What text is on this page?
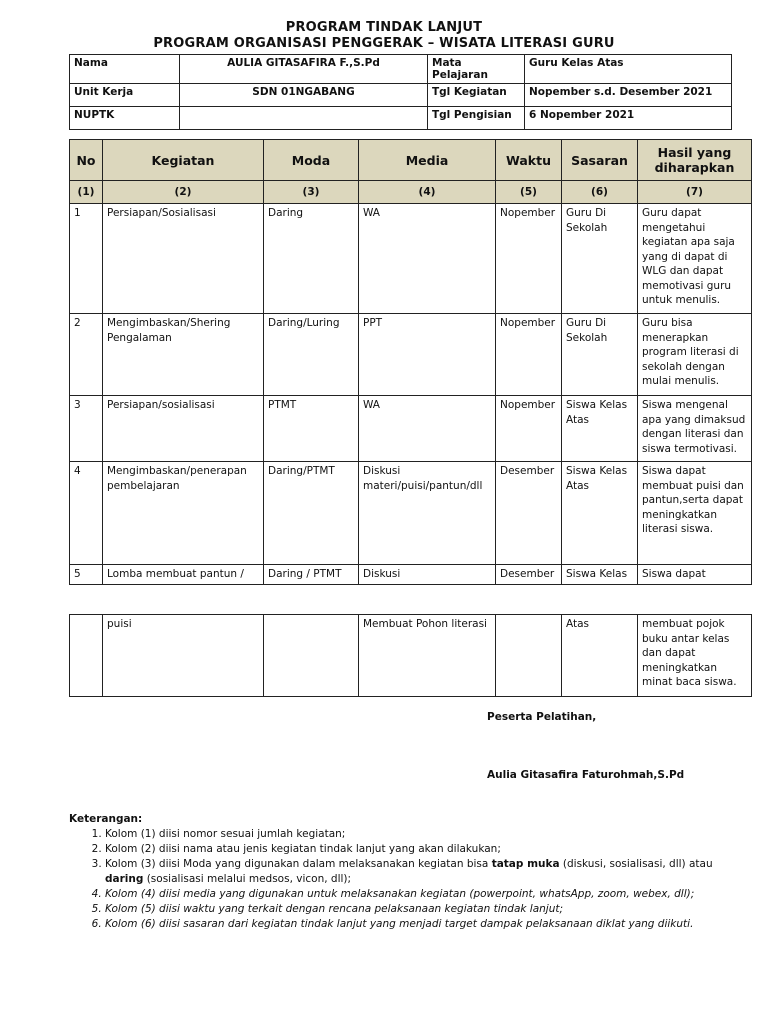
PROGRAM TINDAK LANJUT
PROGRAM ORGANISASI PENGGERAK – WISATA LITERASI GURU
Nama	AULIA GITASAFIRA F.,S.Pd	Mata Pelajaran	Guru Kelas Atas
Unit Kerja	SDN 01NGABANG	Tgl Kegiatan	Nopember s.d. Desember 2021
NUPTK		Tgl Pengisian	6 Nopember 2021
No	Kegiatan	Moda	Media	Waktu	Sasaran	Hasil yang diharapkan
(1)	(2)	(3)	(4)	(5)	(6)	(7)
1	Persiapan/Sosialisasi	Daring	WA	Nopember	Guru Di Sekolah	Guru dapat mengetahui kegiatan apa saja yang di dapat di WLG dan dapat memotivasi guru untuk menulis.
2	Mengimbaskan/Shering Pengalaman	Daring/Luring	PPT	Nopember	Guru Di Sekolah	Guru bisa menerapkan program literasi di sekolah dengan mulai menulis.
3	Persiapan/sosialisasi	PTMT	WA	Nopember	Siswa Kelas Atas	Siswa mengenal apa yang dimaksud dengan literasi dan siswa termotivasi.
4	Mengimbaskan/penerapan pembelajaran	Daring/PTMT	Diskusi materi/puisi/pantun/dll	Desember	Siswa Kelas Atas	Siswa dapat membuat puisi dan pantun,serta dapat meningkatkan literasi siswa.
5	Lomba membuat pantun /	Daring / PTMT	Diskusi	Desember	Siswa Kelas	Siswa dapat
	puisi		Membuat Pohon literasi		Atas	membuat pojok buku antar kelas dan dapat meningkatkan minat baca siswa.
Peserta Pelatihan,
Aulia Gitasafira Faturohmah,S.Pd
Keterangan:
1. Kolom (1) diisi nomor sesuai jumlah kegiatan;
2. Kolom (2) diisi nama atau jenis kegiatan tindak lanjut yang akan dilakukan;
3. Kolom (3) diisi Moda yang digunakan dalam melaksanakan kegiatan bisa tatap muka (diskusi, sosialisasi, dll) atau daring (sosialisasi melalui medsos, vicon, dll);
4. Kolom (4) diisi media yang digunakan untuk melaksanakan kegiatan (powerpoint, whatsApp, zoom, webex, dll);
5. Kolom (5) diisi waktu yang terkait dengan rencana pelaksanaan kegiatan tindak lanjut;
6. Kolom (6) diisi sasaran dari kegiatan tindak lanjut yang menjadi target dampak pelaksanaan diklat yang diikuti.
